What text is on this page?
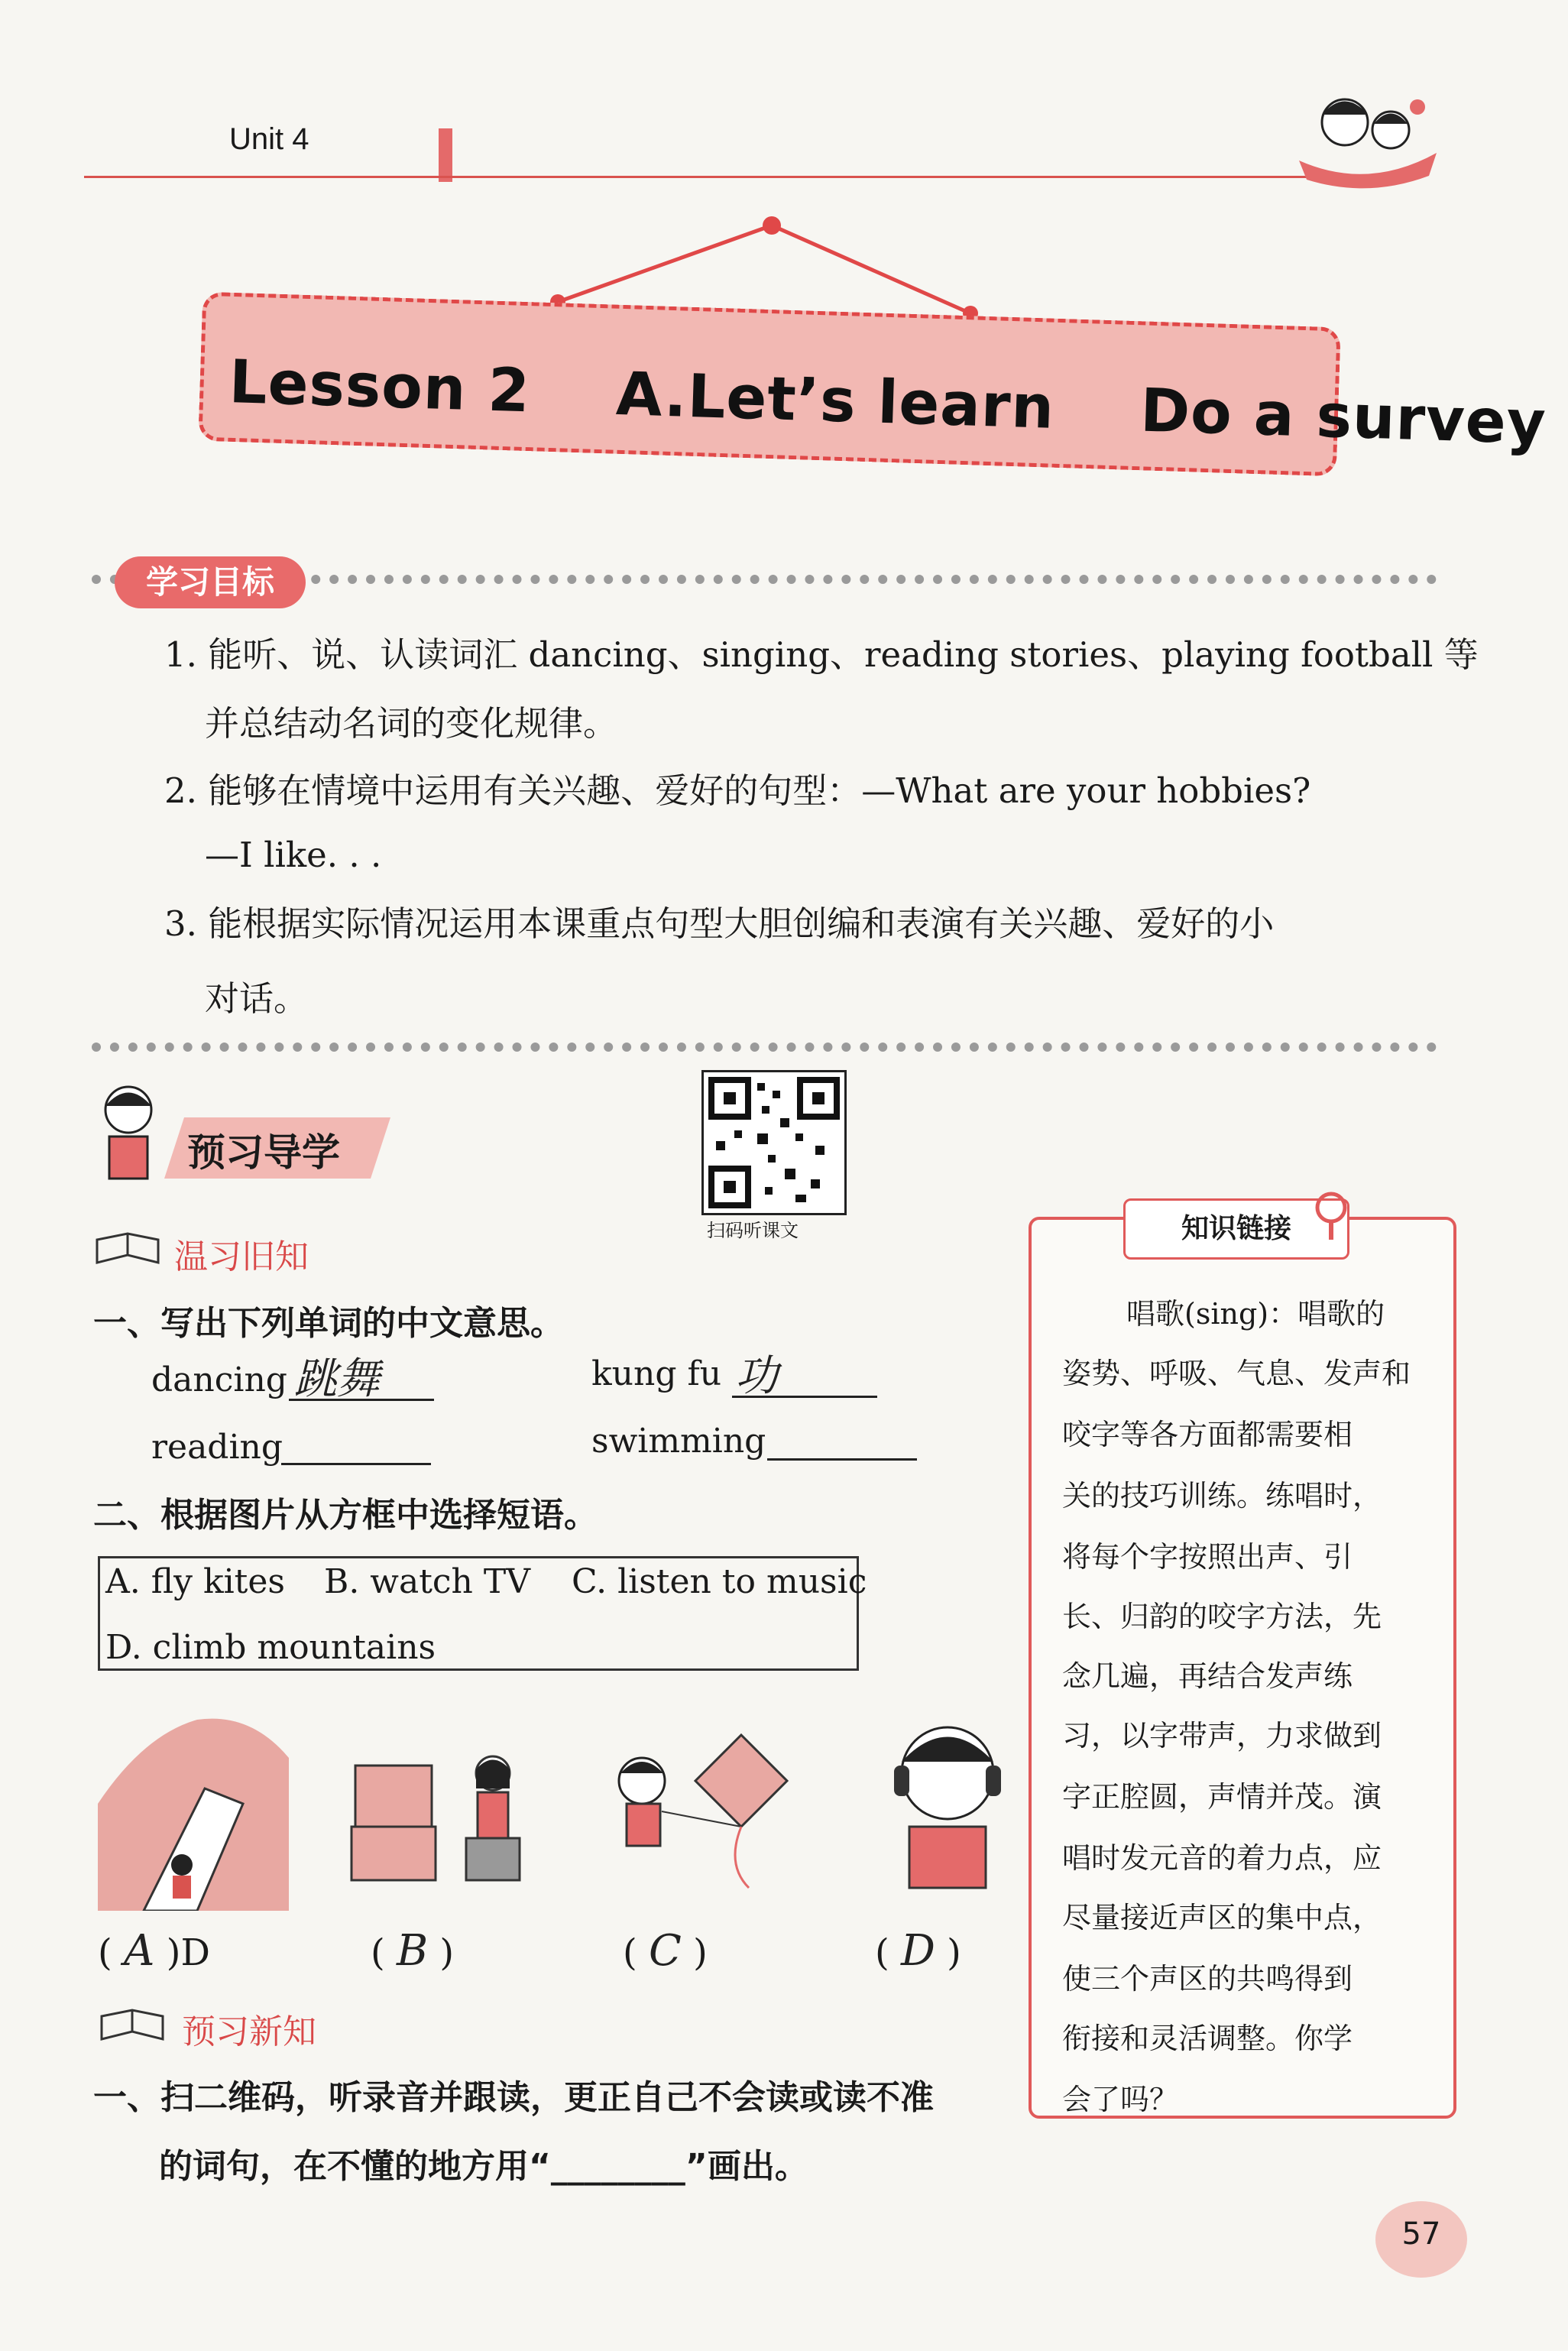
Unit 4
Lesson 2    A.Let’s learn    Do a survey
学习目标
1. 能听、说、认读词汇 dancing、singing、reading stories、playing football 等
并总结动名词的变化规律。
2. 能够在情境中运用有关兴趣、爱好的句型：—What are your hobbies?
—I like. . .
3. 能根据实际情况运用本课重点句型大胆创编和表演有关兴趣、爱好的小
对话。
预习导学
扫码听课文
温习旧知
一、写出下列单词的中文意思。
dancing 跳舞	kung fu 功
reading	swimming
二、根据图片从方框中选择短语。
A. fly kites B. watch TV C. listen to music
D. climb mountains
( A )D	( B )	( C )	( D )
预习新知
一、扫二维码，听录音并跟读，更正自己不会读或读不准
的词句，在不懂的地方用“________”画出。
知识链接
唱歌(sing)：唱歌的
姿势、呼吸、气息、发声和
咬字等各方面都需要相
关的技巧训练。练唱时，
将每个字按照出声、引
长、归韵的咬字方法，先
念几遍，再结合发声练
习，以字带声，力求做到
字正腔圆，声情并茂。演
唱时发元音的着力点，应
尽量接近声区的集中点，
使三个声区的共鸣得到
衔接和灵活调整。你学
会了吗？
57
